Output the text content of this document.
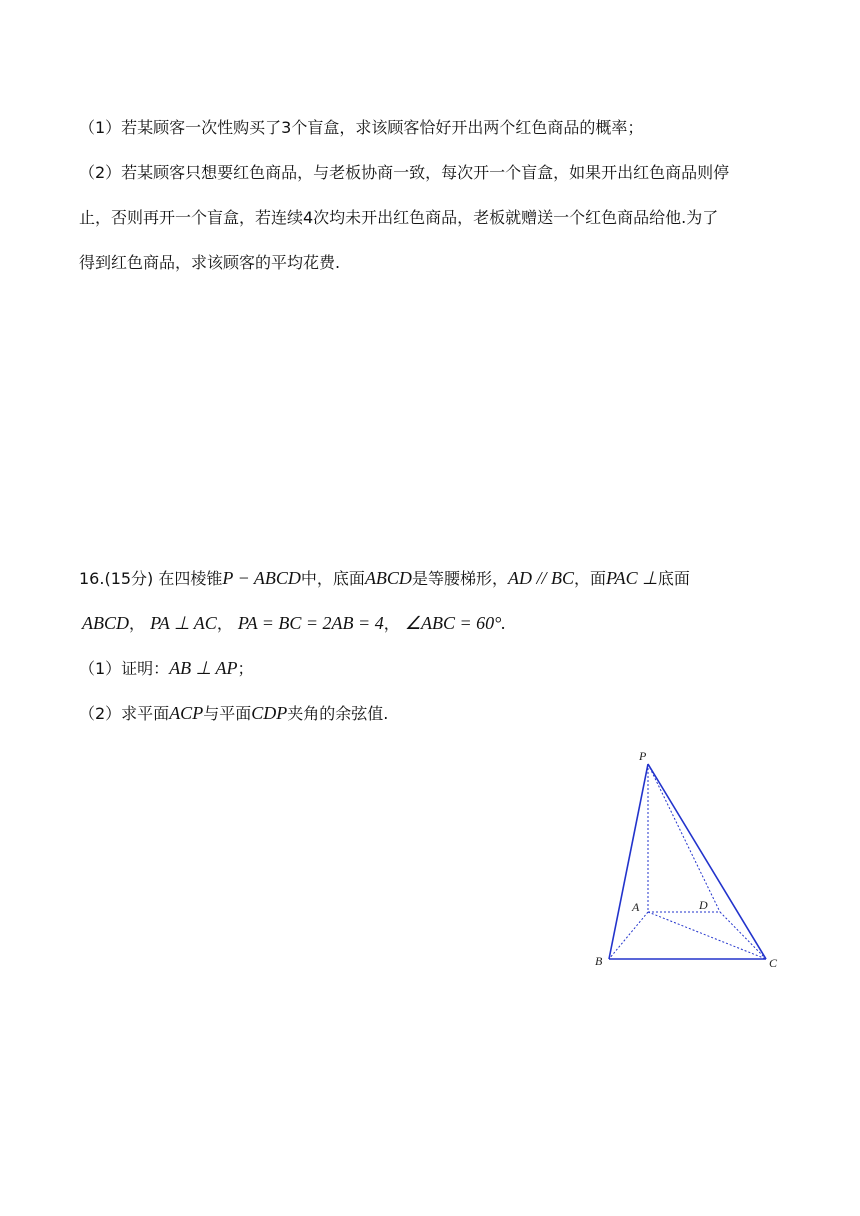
（1）若某顾客一次性购买了3个盲盒，求该顾客恰好开出两个红色商品的概率；
（2）若某顾客只想要红色商品，与老板协商一致，每次开一个盲盒，如果开出红色商品则停
止，否则再开一个盲盒，若连续4次均未开出红色商品，老板就赠送一个红色商品给他.为了
得到红色商品，求该顾客的平均花费.
16.(15分) 在四棱锥P − ABCD中，底面ABCD是等腰梯形，AD // BC，面PAC ⊥底面
ABCD， PA ⊥ AC， PA = BC = 2AB = 4， ∠ABC = 60°.
（1）证明：AB ⊥ AP；
（2）求平面ACP与平面CDP夹角的余弦值.
P
A	D
B	C
